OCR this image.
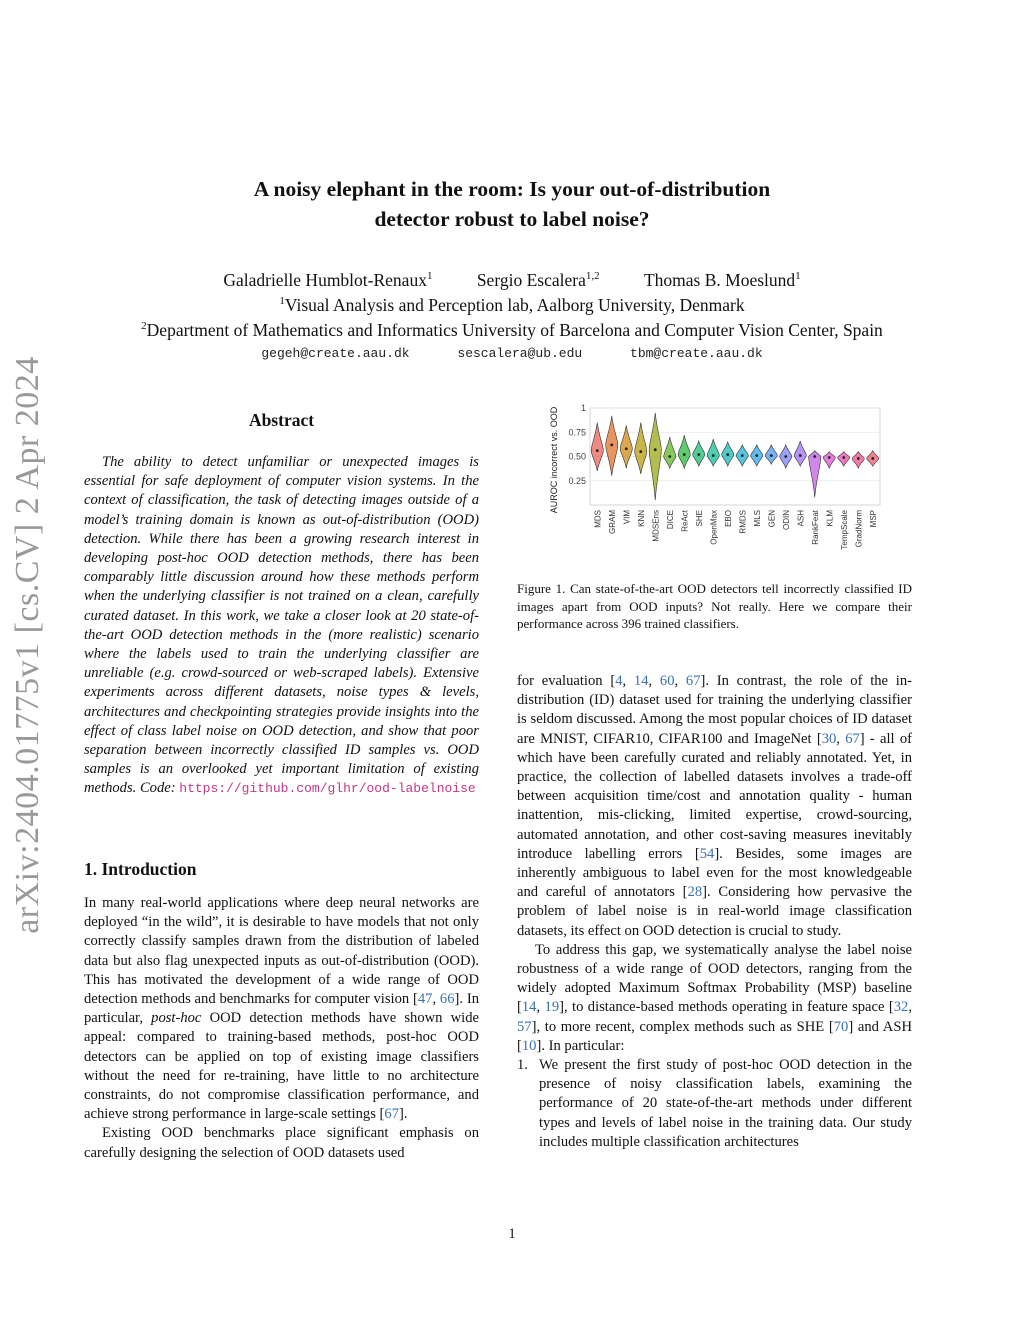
arXiv:2404.01775v1 [cs.CV] 2 Apr 2024
A noisy elephant in the room: Is your out-of-distribution
detector robust to label noise?
Galadrielle Humblot-Renaux$^1$	Sergio Escalera$^{1,2}$	Thomas B. Moeslund$^1$
$^1$Visual Analysis and Perception lab, Aalborg University, Denmark
$^2$Department of Mathematics and Informatics University of Barcelona and Computer Vision Center, Spain
gegeh@create.aau.dk	sescalera@ub.edu	tbm@create.aau.dk
Abstract

The ability to detect unfamiliar or unexpected images is essential for safe deployment of computer vision systems. In the context of classification, the task of detecting images outside of a model’s training domain is known as out-of-distribution (OOD) detection. While there has been a growing research interest in developing post-hoc OOD detection methods, there has been comparably little discussion around how these methods perform when the underlying classifier is not trained on a clean, carefully curated dataset. In this work, we take a closer look at 20 state-of-the-art OOD detection methods in the (more realistic) scenario where the labels used to train the underlying classifier are unreliable (e.g. crowd-sourced or web-scraped labels). Extensive experiments across different datasets, noise types & levels, architectures and checkpointing strategies provide insights into the effect of class label noise on OOD detection, and show that poor separation between incorrectly classified ID samples vs. OOD samples is an overlooked yet important limitation of existing methods. Code: https://github.com/glhr/ood-labelnoise

1. Introduction

In many real-world applications where deep neural networks are deployed “in the wild”, it is desirable to have models that not only correctly classify samples drawn from the distribution of labeled data but also flag unexpected inputs as out-of-distribution (OOD). This has motivated the development of a wide range of OOD detection methods and benchmarks for computer vision [47, 66]. In particular, post-hoc OOD detection methods have shown wide appeal: compared to training-based methods, post-hoc OOD detectors can be applied on top of existing image classifiers without the need for re-training, have little to no architecture constraints, do not compromise classification performance, and achieve strong performance in large-scale settings [67].

Existing OOD benchmarks place significant emphasis on carefully designing the selection of OOD datasets used

0.25
0.50
0.75
1
AUROC incorrect vs. OOD
MDS GRAM VIM KNN MDSEns DICE ReAct SHE OpenMax EBO RMDS MLS GEN ODIN ASH RankFeat KLM TempScale GradNorm MSP
Figure 1. Can state-of-the-art OOD detectors tell incorrectly classified ID images apart from OOD inputs? Not really. Here we compare their performance across 396 trained classifiers.

for evaluation [4, 14, 60, 67]. In contrast, the role of the in-distribution (ID) dataset used for training the underlying classifier is seldom discussed. Among the most popular choices of ID dataset are MNIST, CIFAR10, CIFAR100 and ImageNet [30, 67] - all of which have been carefully curated and reliably annotated. Yet, in practice, the collection of labelled datasets involves a trade-off between acquisition time/cost and annotation quality - human inattention, mis-clicking, limited expertise, crowd-sourcing, automated annotation, and other cost-saving measures inevitably introduce labelling errors [54]. Besides, some images are inherently ambiguous to label even for the most knowledgeable and careful of annotators [28]. Considering how pervasive the problem of label noise is in real-world image classification datasets, its effect on OOD detection is crucial to study.

To address this gap, we systematically analyse the label noise robustness of a wide range of OOD detectors, ranging from the widely adopted Maximum Softmax Probability (MSP) baseline [14, 19], to distance-based methods operating in feature space [32, 57], to more recent, complex methods such as SHE [70] and ASH [10]. In particular:

1. We present the first study of post-hoc OOD detection in the presence of noisy classification labels, examining the performance of 20 state-of-the-art methods under different types and levels of label noise in the training data. Our study includes multiple classification architectures
1
